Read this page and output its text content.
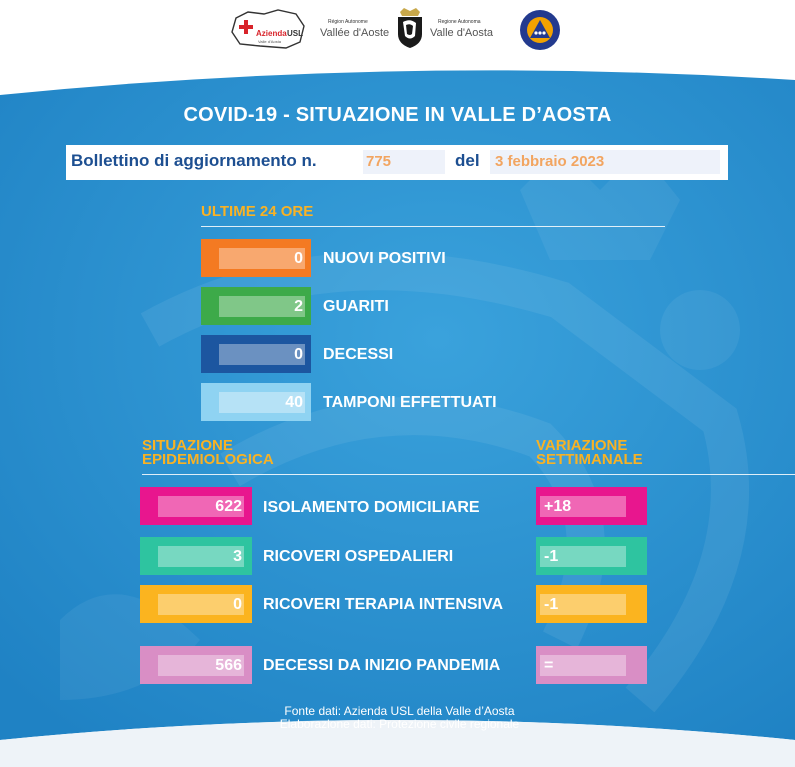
Azienda USL
Valle d'Aosta
Région Autonome
Vallée d'Aoste
Regione Autonoma
Valle d'Aosta
COVID-19 - SITUAZIONE IN VALLE D’AOSTA
Bollettino di aggiornamento n.	775	del 3 febbraio 2023
ULTIME 24 ORE
0 NUOVI POSITIVI
2 GUARITI
0 DECESSI
40 TAMPONI EFFETTUATI
SITUAZIONE
EPIDEMIOLOGICA
VARIAZIONE
SETTIMANALE
622 ISOLAMENTO DOMICILIARE	+18
3 RICOVERI OSPEDALIERI	-1
0 RICOVERI TERAPIA INTENSIVA	-1
566 DECESSI DA INIZIO PANDEMIA	=
Fonte dati: Azienda USL della Valle d’Aosta
Elaborazione dati: Protezione civile regionale
